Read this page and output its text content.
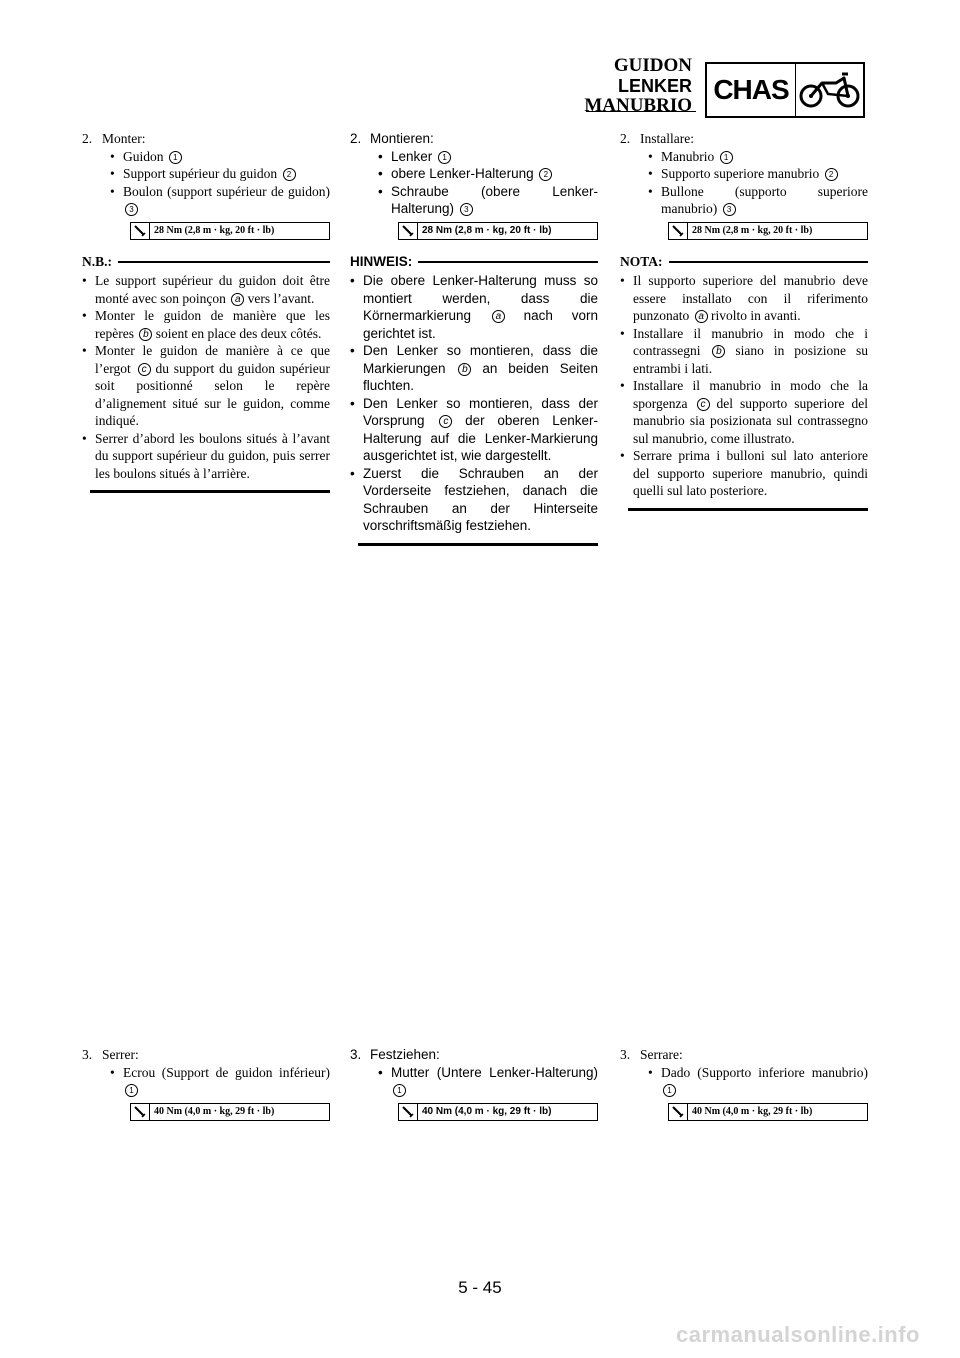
GUIDON
LENKER
MANUBRIO
CHAS

2. Monter:

• Guidon 1
• Support supérieur du guidon 2
• Boulon (support supérieur de guidon) 3
28 Nm (2,8 m · kg, 20 ft · lb)
N.B.:
• Le support supérieur du guidon doit être monté avec son poinçon a vers l’avant.
• Monter le guidon de manière que les repères b soient en place des deux côtés.
• Monter le guidon de manière à ce que l’ergot c du support du guidon supérieur soit positionné selon le repère d’alignement situé sur le guidon, comme indiqué.
• Serrer d’abord les boulons situés à l’avant du support supérieur du guidon, puis serrer les boulons situés à l’arrière.

2. Montieren:

• Lenker 1
• obere Lenker-Halterung 2
• Schraube (obere Lenker-Halterung) 3
28 Nm (2,8 m · kg, 20 ft · lb)
HINWEIS:
• Die obere Lenker-Halterung muss so montiert werden, dass die Körnermarkierung a nach vorn gerichtet ist.
• Den Lenker so montieren, dass die Markierungen b an beiden Seiten fluchten.
• Den Lenker so montieren, dass der Vorsprung c der oberen Lenker-Halterung auf die Lenker-Markierung ausgerichtet ist, wie dargestellt.
• Zuerst die Schrauben an der Vorderseite festziehen, danach die Schrauben an der Hinterseite vorschriftsmäßig festziehen.

2. Installare:

• Manubrio 1
• Supporto superiore manubrio 2
• Bullone (supporto superiore manubrio) 3
28 Nm (2,8 m · kg, 20 ft · lb)
NOTA:
• Il supporto superiore del manubrio deve essere installato con il riferimento punzonato a rivolto in avanti.
• Installare il manubrio in modo che i contrassegni b siano in posizione su entrambi i lati.
• Installare il manubrio in modo che la sporgenza c del supporto superiore del manubrio sia posizionata sul contrassegno sul manubrio, come illustrato.
• Serrare prima i bulloni sul lato anteriore del supporto superiore manubrio, quindi quelli sul lato posteriore.

3. Serrer:

• Ecrou (Support de guidon inférieur) 1
40 Nm (4,0 m · kg, 29 ft · lb)

3. Festziehen:

• Mutter (Untere Lenker-Halterung) 1
40 Nm (4,0 m · kg, 29 ft · lb)

3. Serrare:

• Dado (Supporto inferiore manubrio) 1
40 Nm (4,0 m · kg, 29 ft · lb)
5 - 45
carmanualsonline.info
